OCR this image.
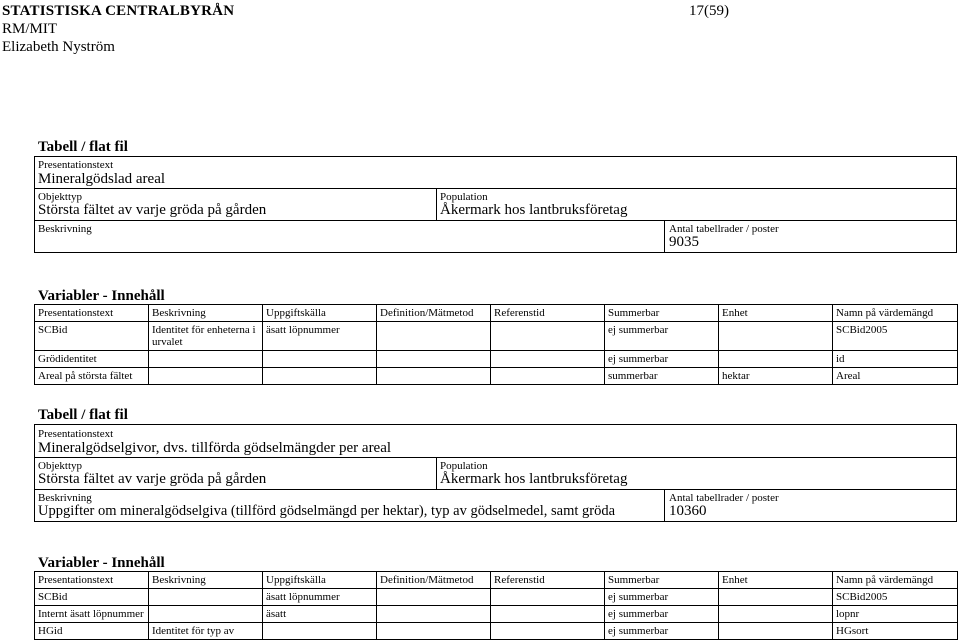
STATISTISKA CENTRALBYRÅN
RM/MIT
Elizabeth Nyström
17(59)
Tabell / flat fil
Presentationstext
Mineralgödslad areal
Objekttyp
Största fältet av varje gröda på gården
Population
Åkermark hos lantbruksföretag
Beskrivning	Antal tabellrader / poster
9035
Variabler - Innehåll
Presentationstext	Beskrivning	Uppgiftskälla	Definition/Mätmetod	Referenstid	Summerbar	Enhet	Namn på värdemängd
SCBid	Identitet för enheterna i urvalet	äsatt löpnummer			ej summerbar		SCBid2005
Grödidentitet					ej summerbar		id
Areal på största fältet					summerbar	hektar	Areal
Tabell / flat fil
Presentationstext
Mineralgödselgivor, dvs. tillförda gödselmängder per areal
Objekttyp
Största fältet av varje gröda på gården
Population
Åkermark hos lantbruksföretag
Beskrivning
Uppgifter om mineralgödselgiva (tillförd gödselmängd per hektar), typ av gödselmedel, samt gröda
Antal tabellrader / poster
10360
Variabler - Innehåll
Presentationstext	Beskrivning	Uppgiftskälla	Definition/Mätmetod	Referenstid	Summerbar	Enhet	Namn på värdemängd
SCBid		äsatt löpnummer			ej summerbar		SCBid2005
Internt äsatt löpnummer		äsatt			ej summerbar		lopnr
HGid	Identitet för typ av				ej summerbar		HGsort
